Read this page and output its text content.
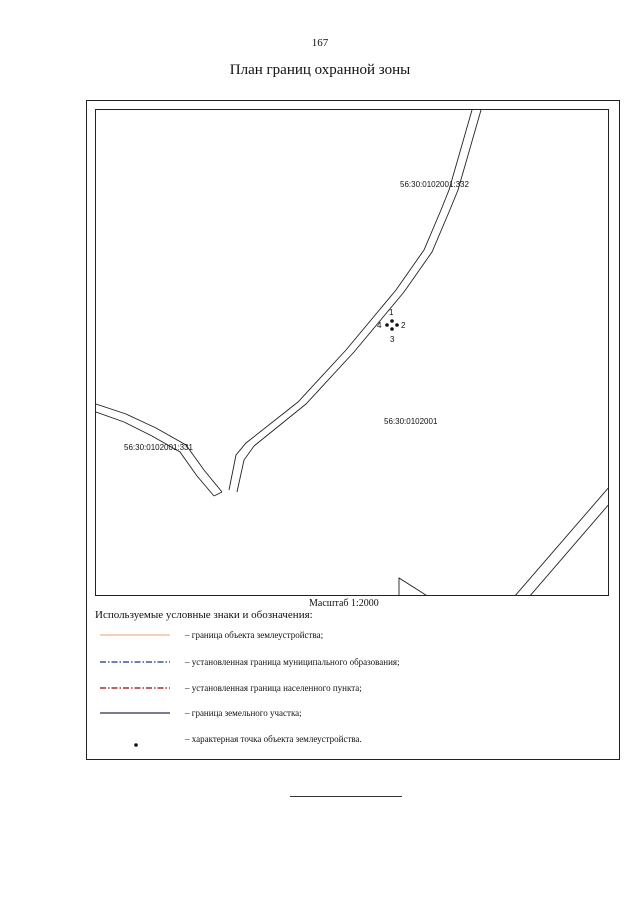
167
План границ охранной зоны
56:30:0102001:332
56:30:0102001
56:30:0102001:331
1
2
3
4
Масштаб 1:2000
Используемые условные знаки и обозначения:
– граница объекта землеустройства;
– установленная граница муниципального образования;
– установленная граница населенного пункта;
– граница земельного участка;
– характерная точка объекта землеустройства.
